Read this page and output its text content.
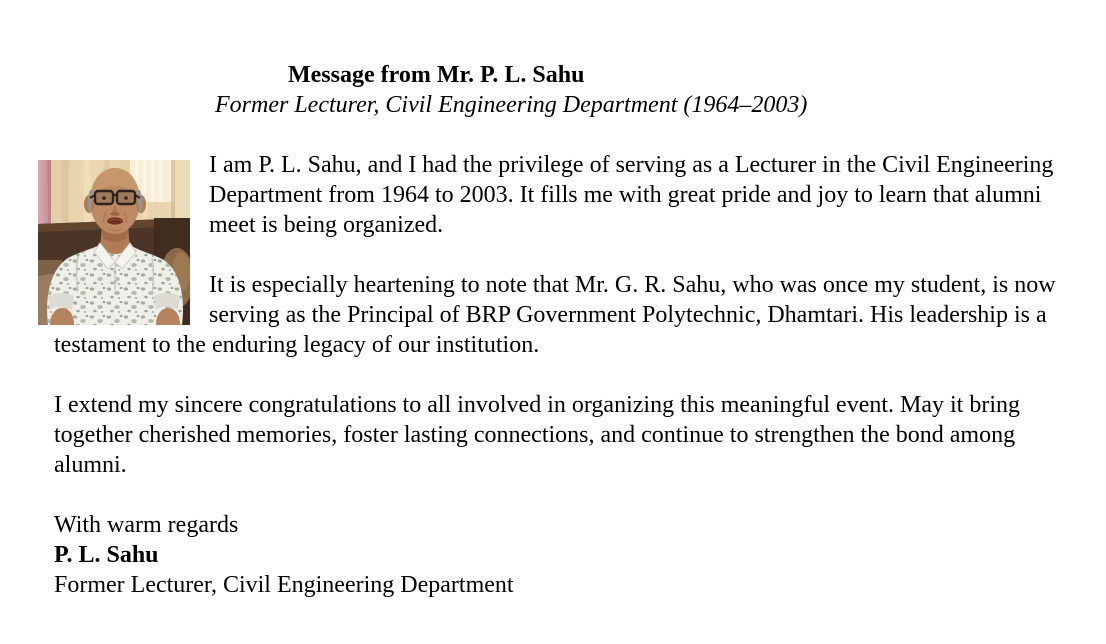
Message from Mr. P. L. Sahu
Former Lecturer, Civil Engineering Department (1964–2003)

I am P. L. Sahu, and I had the privilege of serving as a Lecturer in the Civil Engineering Department from 1964 to 2003. It fills me with great pride and joy to learn that alumni meet is being organized.

It is especially heartening to note that Mr. G. R. Sahu, who was once my student, is now serving as the Principal of BRP Government Polytechnic, Dhamtari. His leadership is a testament to the enduring legacy of our institution.

I extend my sincere congratulations to all involved in organizing this meaningful event. May it bring together cherished memories, foster lasting connections, and continue to strengthen the bond among alumni.

With warm regards
P. L. Sahu
Former Lecturer, Civil Engineering Department
